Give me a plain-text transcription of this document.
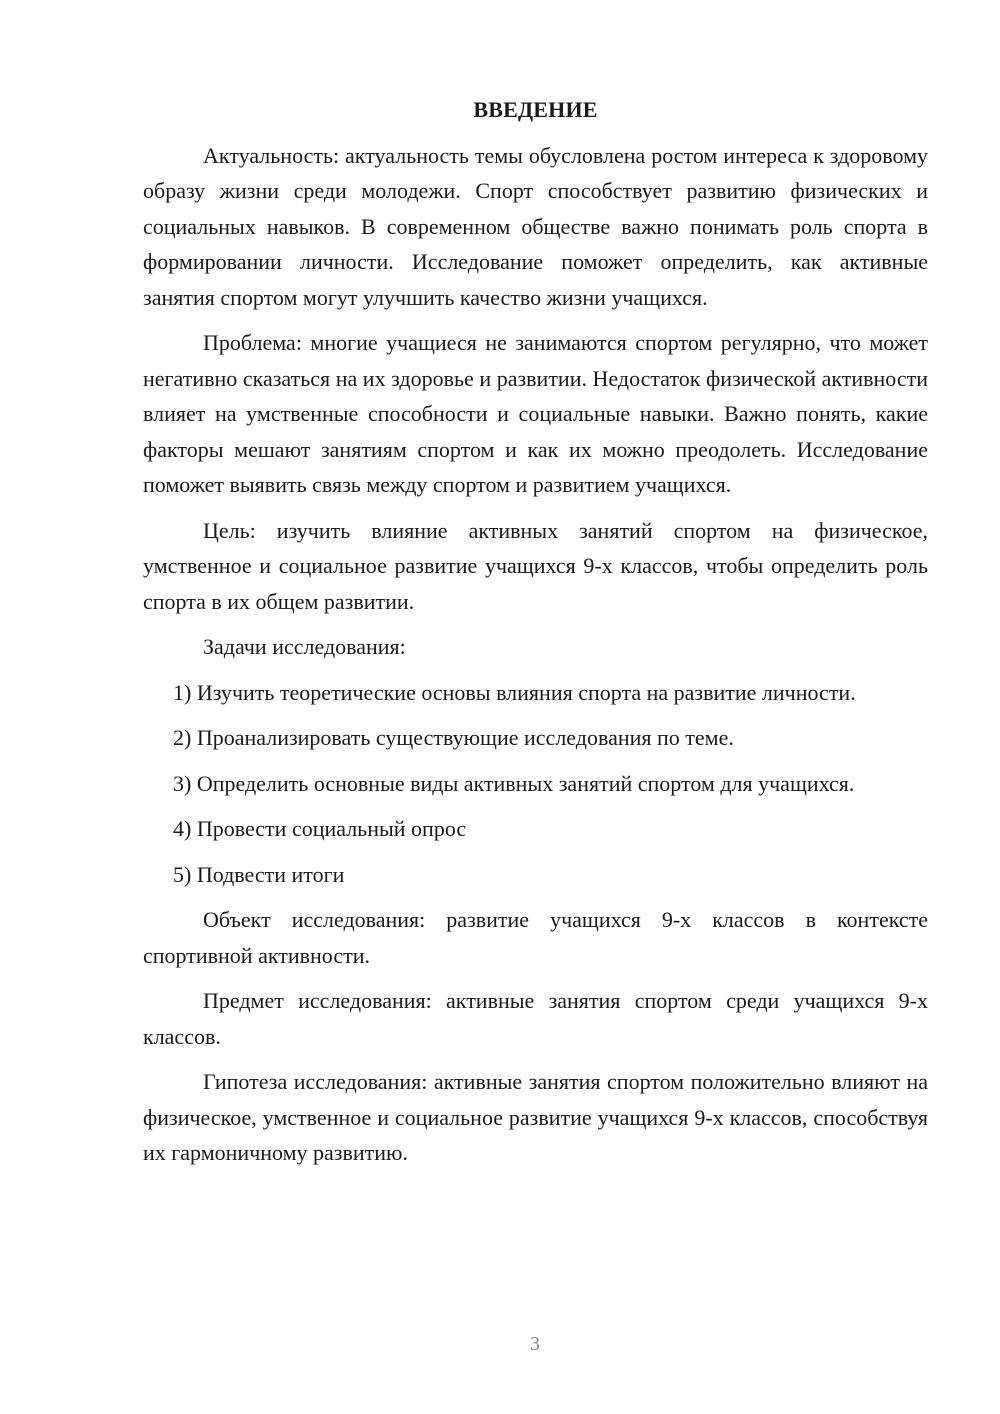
ВВЕДЕНИЕ

Актуальность: актуальность темы обусловлена ростом интереса к здоровому образу жизни среди молодежи. Спорт способствует развитию физических и социальных навыков. В современном обществе важно понимать роль спорта в формировании личности. Исследование поможет определить, как активные занятия спортом могут улучшить качество жизни учащихся.

Проблема: многие учащиеся не занимаются спортом регулярно, что может негативно сказаться на их здоровье и развитии. Недостаток физической активности влияет на умственные способности и социальные навыки. Важно понять, какие факторы мешают занятиям спортом и как их можно преодолеть. Исследование поможет выявить связь между спортом и развитием учащихся.

Цель: изучить влияние активных занятий спортом на физическое, умственное и социальное развитие учащихся 9-х классов, чтобы определить роль спорта в их общем развитии.

Задачи исследования:

1) Изучить теоретические основы влияния спорта на развитие личности.

2) Проанализировать существующие исследования по теме.

3) Определить основные виды активных занятий спортом для учащихся.

4) Провести социальный опрос

5) Подвести итоги

Объект исследования: развитие учащихся 9-х классов в контексте спортивной активности.

Предмет исследования: активные занятия спортом среди учащихся 9-х классов.

Гипотеза исследования: активные занятия спортом положительно влияют на физическое, умственное и социальное развитие учащихся 9-х классов, способствуя их гармоничному развитию.

3
